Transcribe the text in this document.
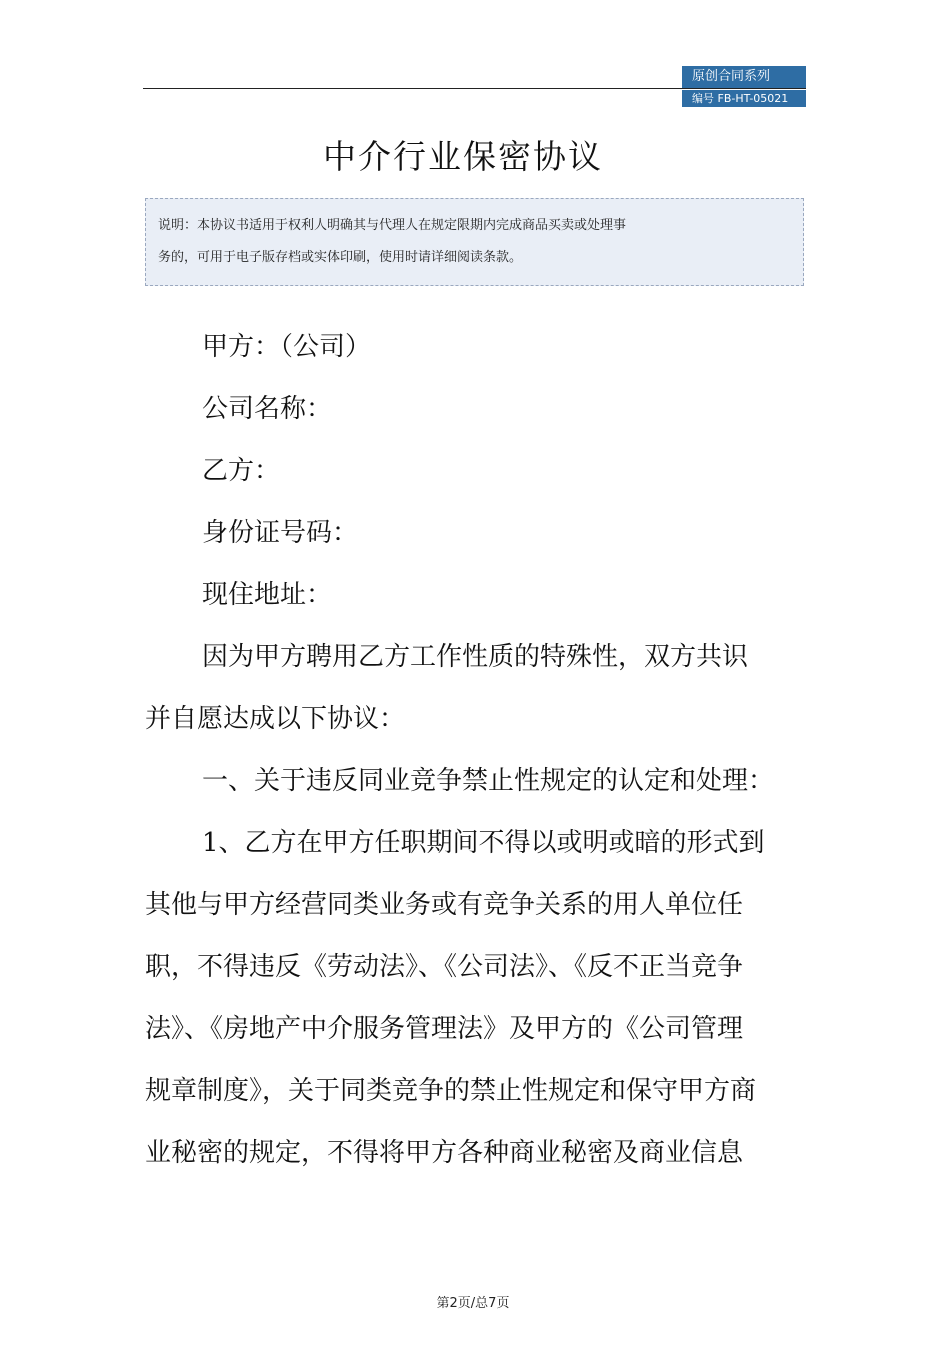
原创合同系列
编号 FB-HT-05021
中介行业保密协议
说明：本协议书适用于权利人明确其与代理人在规定限期内完成商品买卖或处理事
务的，可用于电子版存档或实体印刷，使用时请详细阅读条款。
甲方：（公司）
公司名称：
乙方：
身份证号码：
现住地址：
因为甲方聘用乙方工作性质的特殊性，双方共识
并自愿达成以下协议：
一、关于违反同业竞争禁止性规定的认定和处理：
1、乙方在甲方任职期间不得以或明或暗的形式到
其他与甲方经营同类业务或有竞争关系的用人单位任
职，不得违反《劳动法》、《公司法》、《反不正当竞争
法》、《房地产中介服务管理法》及甲方的《公司管理
规章制度》，关于同类竞争的禁止性规定和保守甲方商
业秘密的规定，不得将甲方各种商业秘密及商业信息
第2页/总7页
